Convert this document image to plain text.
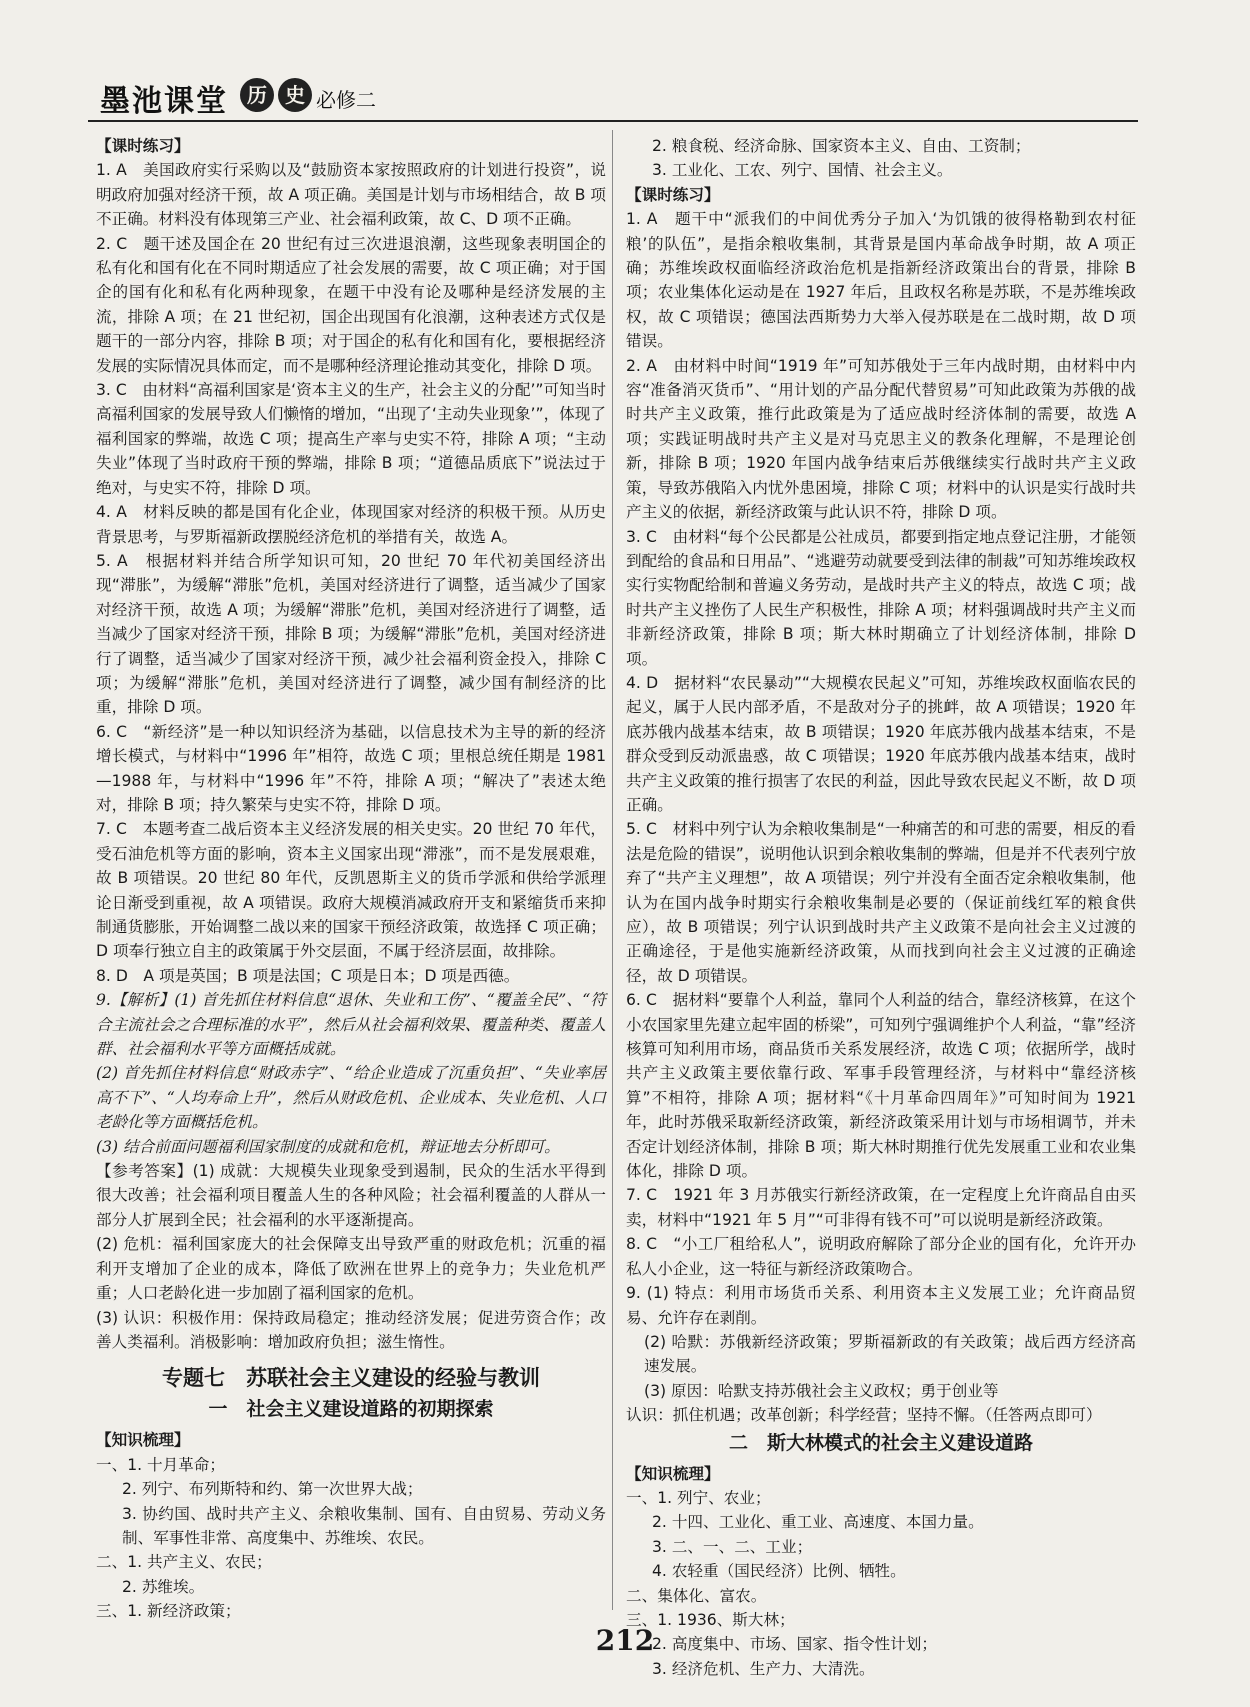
墨池课堂 历 史 必修二

【课时练习】

1. A　美国政府实行采购以及“鼓励资本家按照政府的计划进行投资”，说明政府加强对经济干预，故 A 项正确。美国是计划与市场相结合，故 B 项不正确。材料没有体现第三产业、社会福利政策，故 C、D 项不正确。

2. C　题干述及国企在 20 世纪有过三次进退浪潮，这些现象表明国企的私有化和国有化在不同时期适应了社会发展的需要，故 C 项正确；对于国企的国有化和私有化两种现象，在题干中没有论及哪种是经济发展的主流，排除 A 项；在 21 世纪初，国企出现国有化浪潮，这种表述方式仅是题干的一部分内容，排除 B 项；对于国企的私有化和国有化，要根据经济发展的实际情况具体而定，而不是哪种经济理论推动其变化，排除 D 项。

3. C　由材料“高福利国家是‘资本主义的生产，社会主义的分配’”可知当时高福利国家的发展导致人们懒惰的增加，“出现了‘主动失业现象’”，体现了福利国家的弊端，故选 C 项；提高生产率与史实不符，排除 A 项；“主动失业”体现了当时政府干预的弊端，排除 B 项；“道德品质底下”说法过于绝对，与史实不符，排除 D 项。

4. A　材料反映的都是国有化企业，体现国家对经济的积极干预。从历史背景思考，与罗斯福新政摆脱经济危机的举措有关，故选 A。

5. A　根据材料并结合所学知识可知，20 世纪 70 年代初美国经济出现“滞胀”，为缓解“滞胀”危机，美国对经济进行了调整，适当减少了国家对经济干预，故选 A 项；为缓解“滞胀”危机，美国对经济进行了调整，适当减少了国家对经济干预，排除 B 项；为缓解“滞胀”危机，美国对经济进行了调整，适当减少了国家对经济干预，减少社会福利资金投入，排除 C 项；为缓解“滞胀”危机，美国对经济进行了调整，减少国有制经济的比重，排除 D 项。

6. C　“新经济”是一种以知识经济为基础，以信息技术为主导的新的经济增长模式，与材料中“1996 年”相符，故选 C 项；里根总统任期是 1981—1988 年，与材料中“1996 年”不符，排除 A 项；“解决了”表述太绝对，排除 B 项；持久繁荣与史实不符，排除 D 项。

7. C　本题考查二战后资本主义经济发展的相关史实。20 世纪 70 年代，受石油危机等方面的影响，资本主义国家出现“滞涨”，而不是发展艰难，故 B 项错误。20 世纪 80 年代，反凯恩斯主义的货币学派和供给学派理论日渐受到重视，故 A 项错误。政府大规模消减政府开支和紧缩货币来抑制通货膨胀，开始调整二战以来的国家干预经济政策，故选择 C 项正确；D 项奉行独立自主的政策属于外交层面，不属于经济层面，故排除。

8. D　A 项是英国；B 项是法国；C 项是日本；D 项是西德。

9.【解析】(1) 首先抓住材料信息“退休、失业和工伤”、“覆盖全民”、“符合主流社会之合理标准的水平”，然后从社会福利效果、覆盖种类、覆盖人群、社会福利水平等方面概括成就。

(2) 首先抓住材料信息“财政赤字”、“给企业造成了沉重负担”、“失业率居高不下”、“人均寿命上升”，然后从财政危机、企业成本、失业危机、人口老龄化等方面概括危机。

(3) 结合前面问题福利国家制度的成就和危机，辩证地去分析即可。

【参考答案】(1) 成就：大规模失业现象受到遏制，民众的生活水平得到很大改善；社会福利项目覆盖人生的各种风险；社会福利覆盖的人群从一部分人扩展到全民；社会福利的水平逐渐提高。

(2) 危机：福利国家庞大的社会保障支出导致严重的财政危机；沉重的福利开支增加了企业的成本，降低了欧洲在世界上的竞争力；失业危机严重；人口老龄化进一步加剧了福利国家的危机。

(3) 认识：积极作用：保持政局稳定；推动经济发展；促进劳资合作；改善人类福利。消极影响：增加政府负担；滋生惰性。

专题七　苏联社会主义建设的经验与教训

一　社会主义建设道路的初期探索

【知识梳理】

一、1. 十月革命；

2. 列宁、布列斯特和约、第一次世界大战；

3. 协约国、战时共产主义、余粮收集制、国有、自由贸易、劳动义务制、军事性非常、高度集中、苏维埃、农民。

二、1. 共产主义、农民；

2. 苏维埃。

三、1. 新经济政策；

2. 粮食税、经济命脉、国家资本主义、自由、工资制；

3. 工业化、工农、列宁、国情、社会主义。

【课时练习】

1. A　题干中“派我们的中间优秀分子加入‘为饥饿的彼得格勒到农村征粮’的队伍”，是指余粮收集制，其背景是国内革命战争时期，故 A 项正确；苏维埃政权面临经济政治危机是指新经济政策出台的背景，排除 B 项；农业集体化运动是在 1927 年后，且政权名称是苏联，不是苏维埃政权，故 C 项错误；德国法西斯势力大举入侵苏联是在二战时期，故 D 项错误。

2. A　由材料中时间“1919 年”可知苏俄处于三年内战时期，由材料中内容“准备消灭货币”、“用计划的产品分配代替贸易”可知此政策为苏俄的战时共产主义政策，推行此政策是为了适应战时经济体制的需要，故选 A 项；实践证明战时共产主义是对马克思主义的教条化理解，不是理论创新，排除 B 项；1920 年国内战争结束后苏俄继续实行战时共产主义政策，导致苏俄陷入内忧外患困境，排除 C 项；材料中的认识是实行战时共产主义的依据，新经济政策与此认识不符，排除 D 项。

3. C　由材料“每个公民都是公社成员，都要到指定地点登记注册，才能领到配给的食品和日用品”、“逃避劳动就要受到法律的制裁”可知苏维埃政权实行实物配给制和普遍义务劳动，是战时共产主义的特点，故选 C 项；战时共产主义挫伤了人民生产积极性，排除 A 项；材料强调战时共产主义而非新经济政策，排除 B 项；斯大林时期确立了计划经济体制，排除 D 项。

4. D　据材料“农民暴动”“大规模农民起义”可知，苏维埃政权面临农民的起义，属于人民内部矛盾，不是敌对分子的挑衅，故 A 项错误；1920 年底苏俄内战基本结束，故 B 项错误；1920 年底苏俄内战基本结束，不是群众受到反动派蛊惑，故 C 项错误；1920 年底苏俄内战基本结束，战时共产主义政策的推行损害了农民的利益，因此导致农民起义不断，故 D 项正确。

5. C　材料中列宁认为余粮收集制是“一种痛苦的和可悲的需要，相反的看法是危险的错误”，说明他认识到余粮收集制的弊端，但是并不代表列宁放弃了“共产主义理想”，故 A 项错误；列宁并没有全面否定余粮收集制，他认为在国内战争时期实行余粮收集制是必要的（保证前线红军的粮食供应），故 B 项错误；列宁认识到战时共产主义政策不是向社会主义过渡的正确途径，于是他实施新经济政策，从而找到向社会主义过渡的正确途径，故 D 项错误。

6. C　据材料“要靠个人利益，靠同个人利益的结合，靠经济核算，在这个小农国家里先建立起牢固的桥梁”，可知列宁强调维护个人利益，“靠”经济核算可知利用市场，商品货币关系发展经济，故选 C 项；依据所学，战时共产主义政策主要依靠行政、军事手段管理经济，与材料中“靠经济核算”不相符，排除 A 项；据材料“《十月革命四周年》”可知时间为 1921 年，此时苏俄采取新经济政策，新经济政策采用计划与市场相调节，并未否定计划经济体制，排除 B 项；斯大林时期推行优先发展重工业和农业集体化，排除 D 项。

7. C　1921 年 3 月苏俄实行新经济政策，在一定程度上允许商品自由买卖，材料中“1921 年 5 月”“可非得有钱不可”可以说明是新经济政策。

8. C　“小工厂租给私人”，说明政府解除了部分企业的国有化，允许开办私人小企业，这一特征与新经济政策吻合。

9. (1) 特点：利用市场货币关系、利用资本主义发展工业；允许商品贸易、允许存在剥削。

(2) 哈默：苏俄新经济政策；罗斯福新政的有关政策；战后西方经济高速发展。

(3) 原因：哈默支持苏俄社会主义政权；勇于创业等

认识：抓住机遇；改革创新；科学经营；坚持不懈。（任答两点即可）

二　斯大林模式的社会主义建设道路

【知识梳理】

一、1. 列宁、农业；

2. 十四、工业化、重工业、高速度、本国力量。

3. 二、一、二、工业；

4. 农轻重（国民经济）比例、牺牲。

二、集体化、富农。

三、1. 1936、斯大林；

2. 高度集中、市场、国家、指令性计划；

3. 经济危机、生产力、大清洗。

212
